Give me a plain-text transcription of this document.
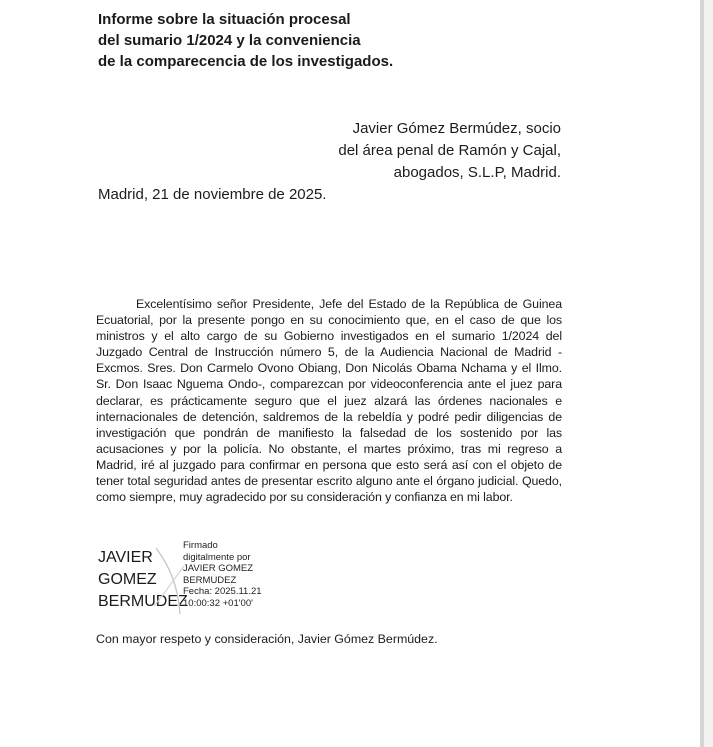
Informe sobre la situación procesal
del sumario 1/2024 y la conveniencia
de la comparecencia de los investigados.
Javier Gómez Bermúdez, socio
del área penal de Ramón y Cajal,
abogados, S.L.P, Madrid.
Madrid, 21 de noviembre de 2025.

Excelentísimo señor Presidente, Jefe del Estado de la República de Guinea Ecuatorial, por la presente pongo en su conocimiento que, en el caso de que los ministros y el alto cargo de su Gobierno investigados en el sumario 1/2024 del Juzgado Central de Instrucción número 5, de la Audiencia Nacional de Madrid -Excmos. Sres. Don Carmelo Ovono Obiang, Don Nicolás Obama Nchama y el Ilmo. Sr. Don Isaac Nguema Ondo-, comparezcan por videoconferencia ante el juez para declarar, es prácticamente seguro que el juez alzará las órdenes nacionales e internacionales de detención, saldremos de la rebeldía y podré pedir diligencias de investigación que pondrán de manifiesto la falsedad de los sostenido por las acusaciones y por la policía. No obstante, el martes próximo, tras mi regreso a Madrid, iré al juzgado para confirmar en persona que esto será así con el objeto de tener total seguridad antes de presentar escrito alguno ante el órgano judicial. Quedo, como siempre, muy agradecido por su consideración y confianza en mi labor.

JAVIER
GOMEZ
BERMUDEZ
Firmado
digitalmente por
JAVIER GOMEZ
BERMUDEZ
Fecha: 2025.11.21
10:00:32 +01'00'
Con mayor respeto y consideración, Javier Gómez Bermúdez.
